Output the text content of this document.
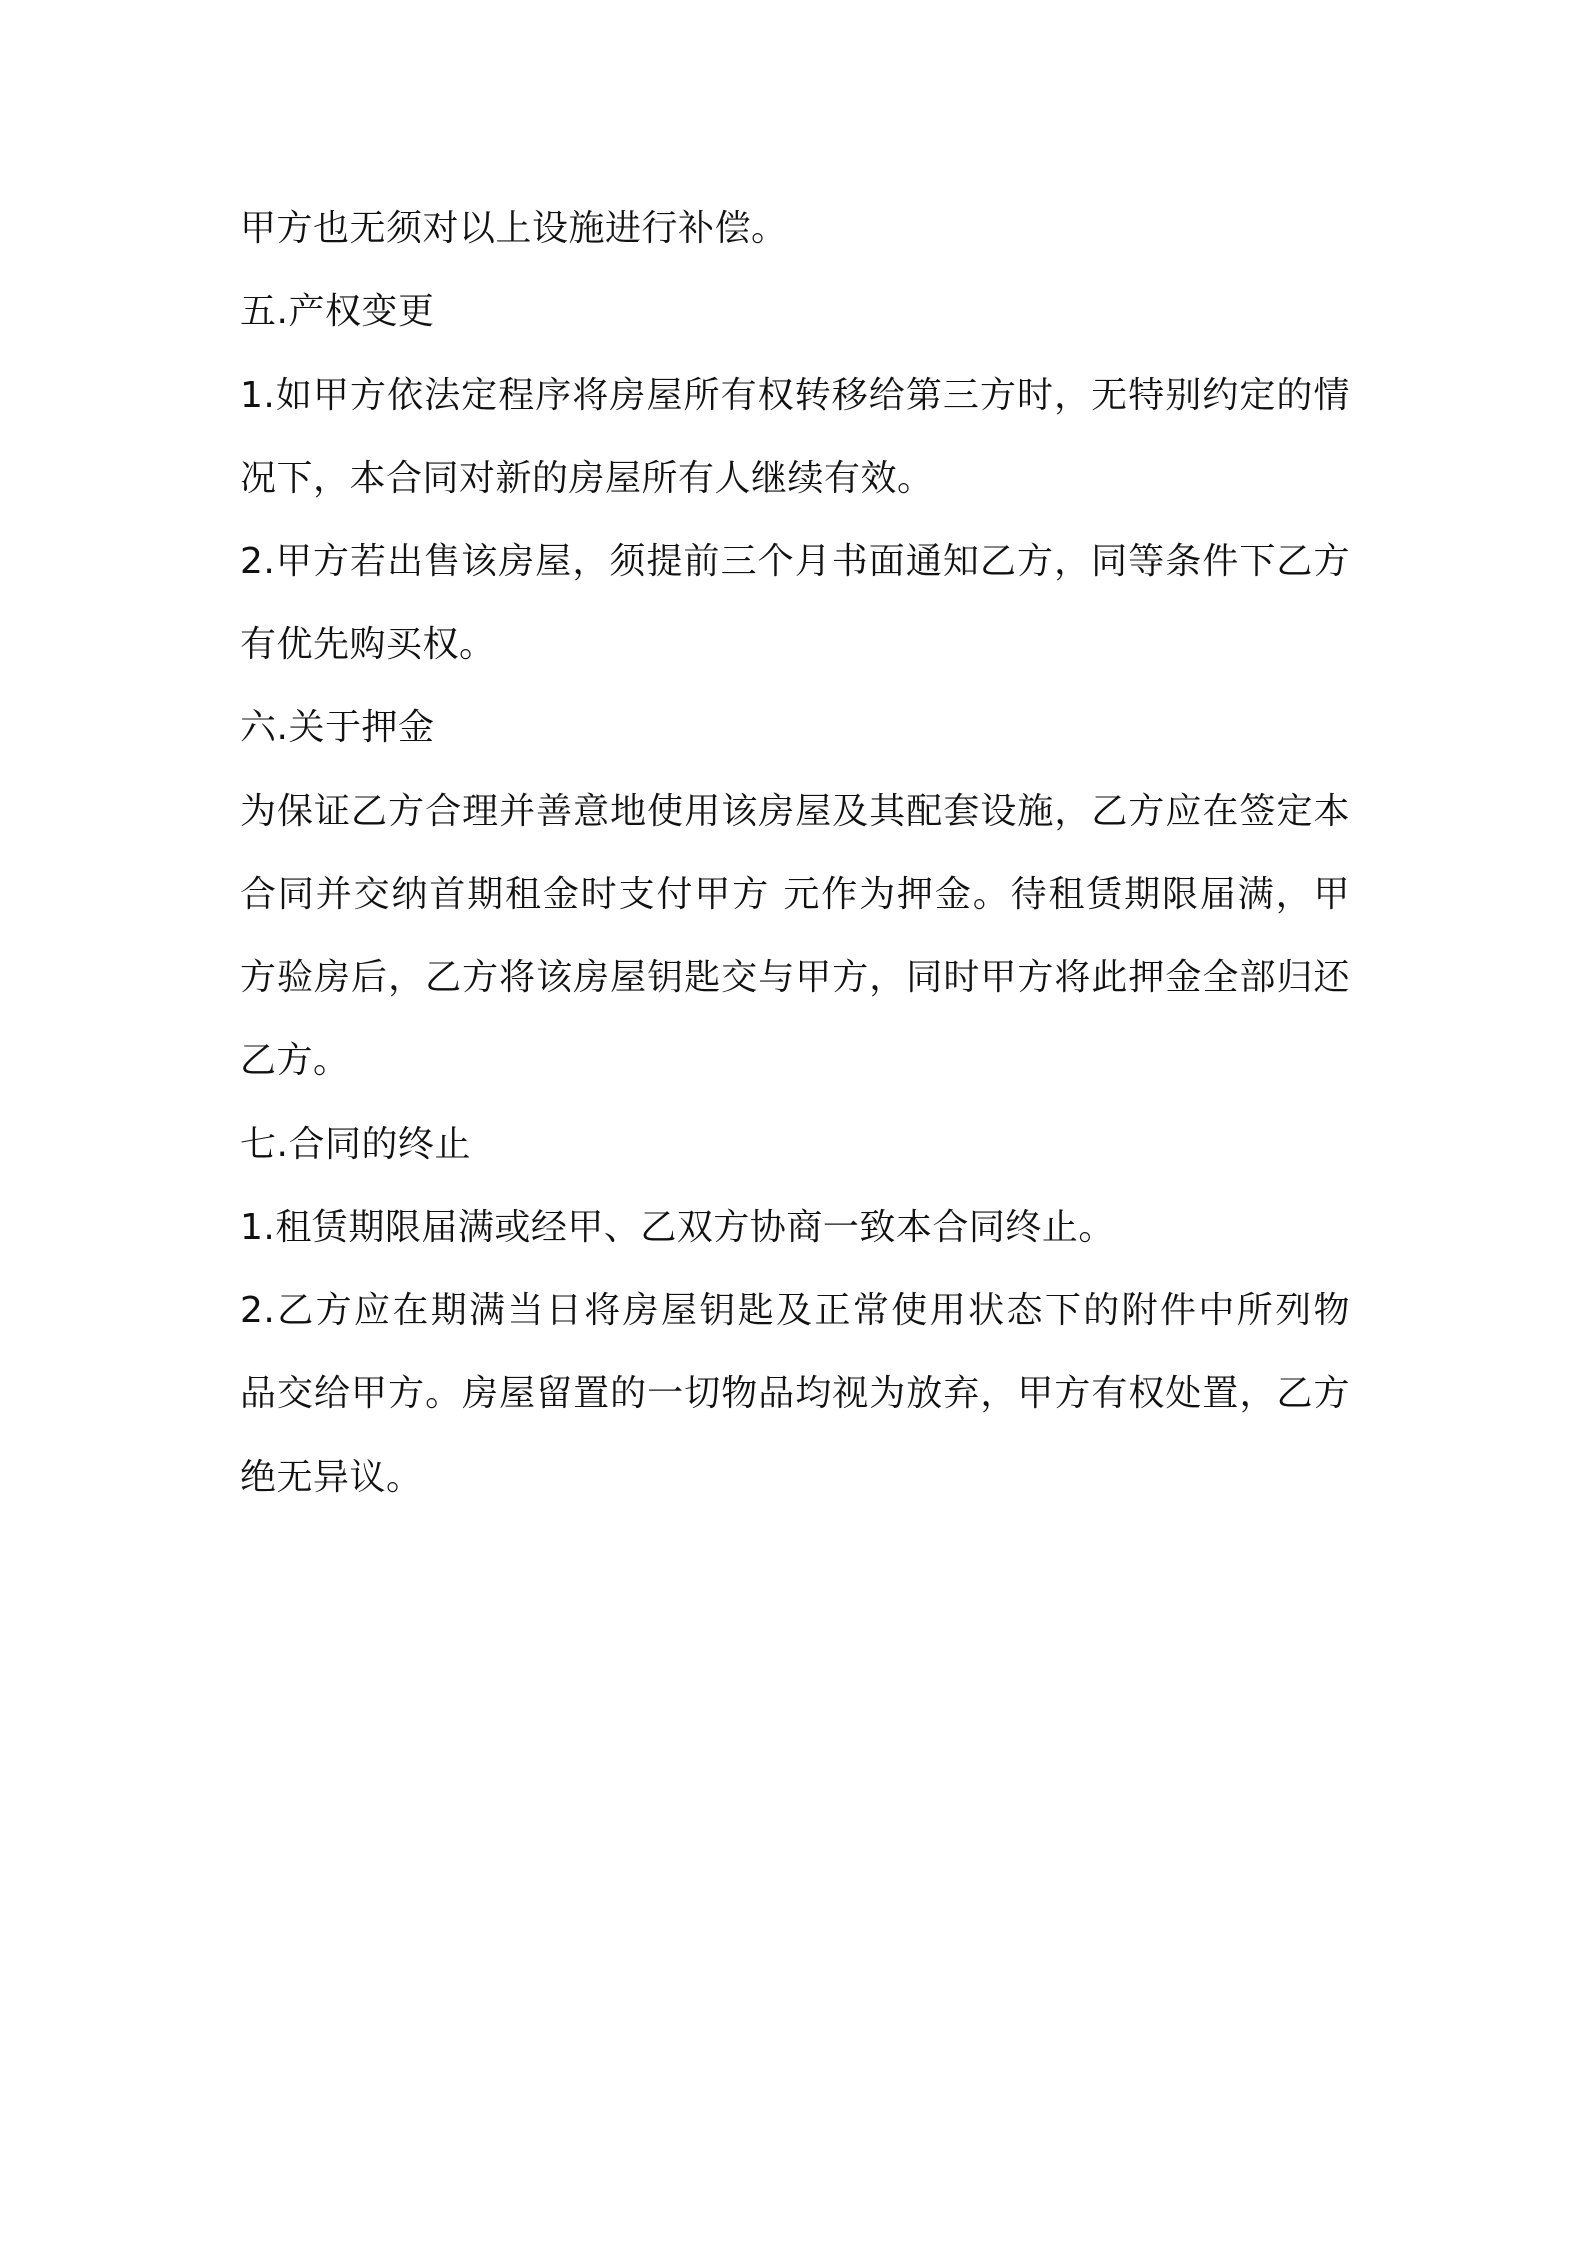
甲方也无须对以上设施进行补偿。
五.产权变更
1.如甲方依法定程序将房屋所有权转移给第三方时，无特别约定的情
况下，本合同对新的房屋所有人继续有效。
2.甲方若出售该房屋，须提前三个月书面通知乙方，同等条件下乙方
有优先购买权。
六.关于押金
为保证乙方合理并善意地使用该房屋及其配套设施，乙方应在签定本
合同并交纳首期租金时支付甲方 元作为押金。待租赁期限届满，甲
方验房后，乙方将该房屋钥匙交与甲方，同时甲方将此押金全部归还
乙方。
七.合同的终止
1.租赁期限届满或经甲、乙双方协商一致本合同终止。
2.乙方应在期满当日将房屋钥匙及正常使用状态下的附件中所列物
品交给甲方。房屋留置的一切物品均视为放弃，甲方有权处置，乙方
绝无异议。
